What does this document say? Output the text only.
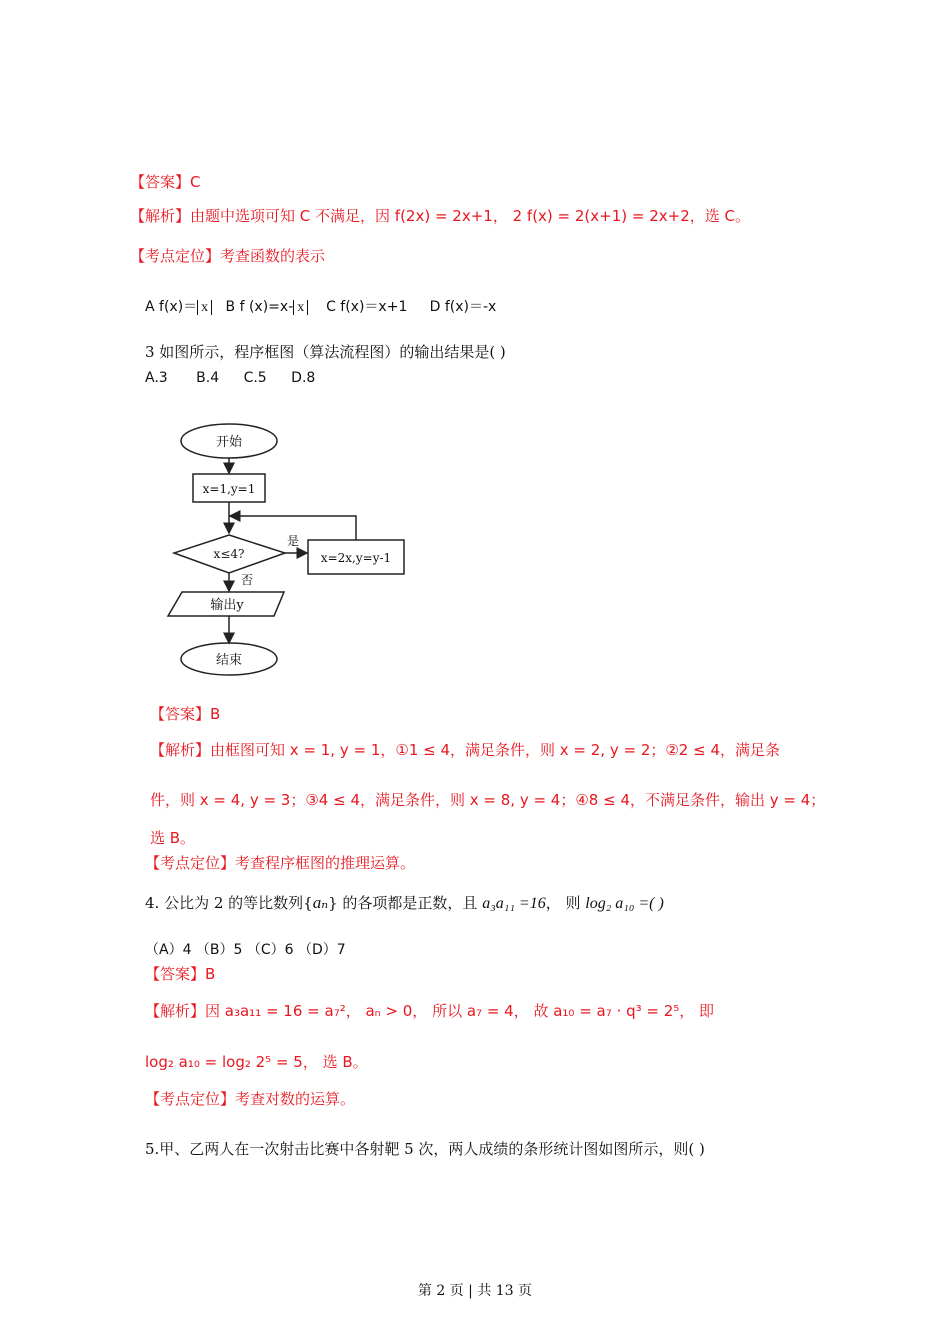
【答案】C
【解析】由题中选项可知 C 不满足，因 f(2x) = 2x+1， 2 f(x) = 2(x+1) = 2x+2，选 C。
【考点定位】考查函数的表示
A f(x)＝ x B f (x)=x- x C f(x)＝x+1 D f(x)＝-x
3 如图所示，程序框图（算法流程图）的输出结果是( )
A.3 B.4 C.5 D.8
开始
x=1,y=1
x≤4?
是
x=2x,y=y-1
否
输出y
结束
【答案】B
【解析】由框图可知 x = 1, y = 1，①1 ≤ 4，满足条件，则 x = 2, y = 2；②2 ≤ 4，满足条
件，则 x = 4, y = 3；③4 ≤ 4，满足条件，则 x = 8, y = 4；④8 ≤ 4，不满足条件，输出 y = 4；
选 B。
【考点定位】考查程序框图的推理运算。
4. 公比为 2 的等比数列{aₙ} 的各项都是正数，且 a₃a₁₁ =16， 则 log₂ a₁₀ =( )
（A）4 （B）5 （C）6 （D）7
【答案】B
【解析】因 a₃a₁₁ = 16 = a₇²， aₙ > 0， 所以 a₇ = 4， 故 a₁₀ = a₇ · q³ = 2⁵， 即
log₂ a₁₀ = log₂ 2⁵ = 5， 选 B。
【考点定位】考查对数的运算。
5.甲、乙两人在一次射击比赛中各射靶 5 次，两人成绩的条形统计图如图所示，则( )
第 2 页 | 共 13 页
